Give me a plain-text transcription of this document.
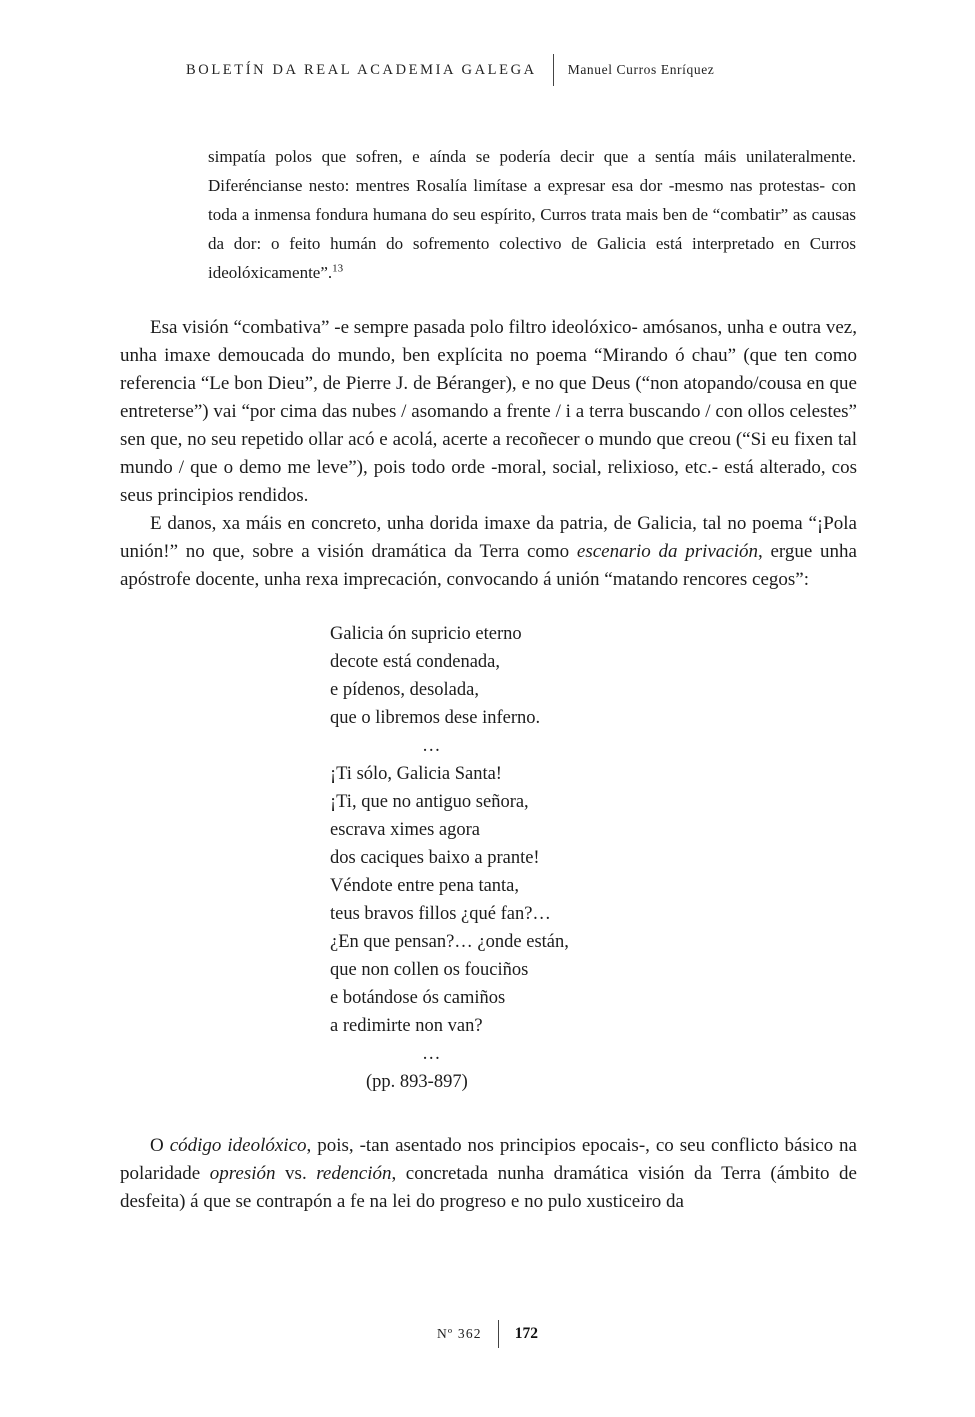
BOLETÍN DA REAL ACADEMIA GALEGA Manuel Curros Enríquez
simpatía polos que sofren, e aínda se podería decir que a sentía máis unilateralmente. Diferéncianse nesto: mentres Rosalía limítase a expresar esa dor -mesmo nas protestas- con toda a inmensa fondura humana do seu espírito, Curros trata mais ben de “combatir” as causas da dor: o feito humán do sofremento colectivo de Galicia está interpretado en Curros ideolóxicamente”.$^{13}$

Esa visión “combativa” -e sempre pasada polo filtro ideolóxico- amósanos, unha e outra vez, unha imaxe demoucada do mundo, ben explícita no poema “Mirando ó chau” (que ten como referencia “Le bon Dieu”, de Pierre J. de Béranger), e no que Deus (“non atopando/cousa en que entreterse”) vai “por cima das nubes / asomando a frente / i a terra buscando / con ollos celestes” sen que, no seu repetido ollar acó e acolá, acerte a recoñecer o mundo que creou (“Si eu fixen tal mundo / que o demo me leve”), pois todo orde -moral, social, relixioso, etc.- está alterado, cos seus principios rendidos.

E danos, xa máis en concreto, unha dorida imaxe da patria, de Galicia, tal no poema “¡Pola unión!” no que, sobre a visión dramática da Terra como escenario da privación, ergue unha apóstrofe docente, unha rexa imprecación, convocando á unión “matando rencores cegos”:

Galicia ón supricio eterno
decote está condenada,
e pídenos, desolada,
que o libremos dese inferno.
…
¡Ti sólo, Galicia Santa!
¡Ti, que no antiguo señora,
escrava ximes agora
dos caciques baixo a prante!
Véndote entre pena tanta,
teus bravos fillos ¿qué fan?…
¿En que pensan?… ¿onde están,
que non collen os fouciños
e botándose ós camiños
a redimirte non van?
…
(pp. 893-897)

O código ideolóxico, pois, -tan asentado nos principios epocais-, co seu conflicto básico na polaridade opresión vs. redención, concretada nunha dramática visión da Terra (ámbito de desfeita) á que se contrapón a fe na lei do progreso e no pulo xusticeiro da

Nº 362 172
